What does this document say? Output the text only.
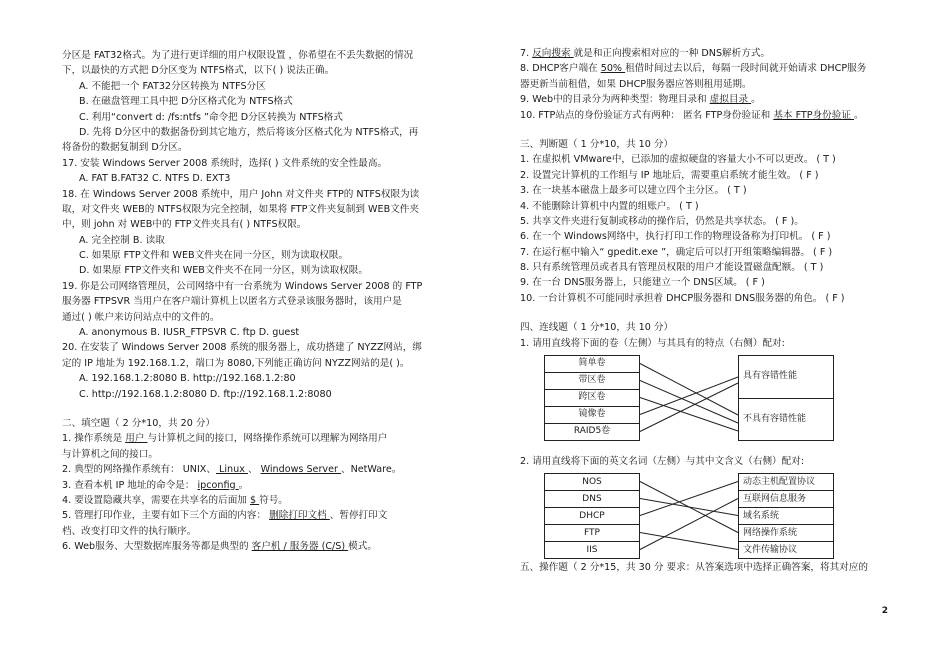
分区是 FAT32格式。为了进行更详细的用户权限设置 ，你希望在不丢失数据的情况
下，以最快的方式把 D分区变为 NTFS格式，以下( ) 说法正确。
A. 不能把一个 FAT32分区转换为 NTFS分区
B. 在磁盘管理工具中把 D分区格式化为 NTFS格式
C. 利用“convert d: /fs:ntfs ”命令把 D分区转换为 NTFS格式
D. 先将 D分区中的数据备份到其它地方，然后将该分区格式化为 NTFS格式，再
将备份的数据复制到 D分区。
17. 安装 Windows Server 2008 系统时，选择( ) 文件系统的安全性最高。
A. FAT B.FAT32 C. NTFS D. EXT3
18. 在 Windows Server 2008 系统中，用户 John 对文件夹 FTP的 NTFS权限为读
取，对文件夹 WEB的 NTFS权限为完全控制，如果将 FTP文件夹复制到 WEB文件夹
中，则 john 对 WEB中的 FTP文件夹具有( ) NTFS权限。
A. 完全控制 B. 读取
C. 如果原 FTP文件和 WEB文件夹在同一分区，则为读取权限。
D. 如果原 FTP文件夹和 WEB文件夹不在同一分区，则为读取权限。
19. 你是公司网络管理员，公司网络中有一台系统为 Windows Server 2008 的 FTP
服务器 FTPSVR 当用户在客户端计算机上以匿名方式登录该服务器时，该用户是
通过( ) 帐户来访问站点中的文件的。
A. anonymous B. IUSR_FTPSVR C. ftp D. guest
20. 在安装了 Windows Server 2008 系统的服务器上，成功搭建了 NYZZ网站，绑
定的 IP 地址为 192.168.1.2，端口为 8080,下列能正确访问 NYZZ网站的是( )。
A. 192.168.1.2:8080 B. http://192.168.1.2:80
C. http://192.168.1.2:8080 D. ftp://192.168.1.2:8080
二、填空题（ 2 分*10，共 20 分）
1. 操作系统是 用户 与计算机之间的接口，网络操作系统可以理解为网络用户
与计算机之间的接口。
2. 典型的网络操作系统有： UNIX、 Linux 、 Windows Server 、NetWare。
3. 查看本机 IP 地址的命令是： ipconfig 。
4. 要设置隐藏共享，需要在共享名的后面加 $ 符号。
5. 管理打印作业，主要有如下三个方面的内容： 删除打印文档 、暂停打印文
档、改变打印文件的执行顺序。
6. Web服务、大型数据库服务等都是典型的 客户机 / 服务器 (C/S) 模式。
7. 反向搜索 就是和正向搜索相对应的一种 DNS解析方式。
8. DHCP客户端在 50% 租借时间过去以后，每隔一段时间就开始请求 DHCP服务
器更新当前租借，如果 DHCP服务器应答则租用延期。
9. Web中的目录分为两种类型：物理目录和 虚拟目录 。
10. FTP站点的身份验证方式有两种： 匿名 FTP身份验证和 基本 FTP身份验证 。
三、判断题（ 1 分*10，共 10 分）
1. 在虚拟机 VMware中，已添加的虚拟硬盘的容量大小不可以更改。 ( T )
2. 设置完计算机的工作组与 IP 地址后，需要重启系统才能生效。 ( F )
3. 在一块基本磁盘上最多可以建立四个主分区。 ( T )
4. 不能删除计算机中内置的组账户。 ( T )
5. 共享文件夹进行复制或移动的操作后，仍然是共享状态。 ( F )。
6. 在一个 Windows网络中，执行打印工作的物理设备称为打印机。 ( F )
7. 在运行框中输入“ gpedit.exe ”，确定后可以打开组策略编辑器。 ( F )
8. 只有系统管理员或者具有管理员权限的用户才能设置磁盘配额。 ( T )
9. 在一台 DNS服务器上，只能建立一个 DNS区域。 ( F )
10. 一台计算机不可能同时承担着 DHCP服务器和 DNS服务器的角色。 ( F )
四、连线题（ 1 分*10，共 10 分）
1. 请用直线将下面的卷（左侧）与其具有的特点（右侧）配对:
简单卷
带区卷
跨区卷
镜像卷
RAID5卷
具有容错性能
不具有容错性能
2. 请用直线将下面的英文名词（左侧）与其中文含义（右侧）配对:
NOS
DNS
DHCP
FTP
IIS
动态主机配置协议
互联网信息服务
域名系统
网络操作系统
文件传输协议
五、操作题（ 2 分*15，共 30 分 要求：从答案选项中选择正确答案，将其对应的
2
